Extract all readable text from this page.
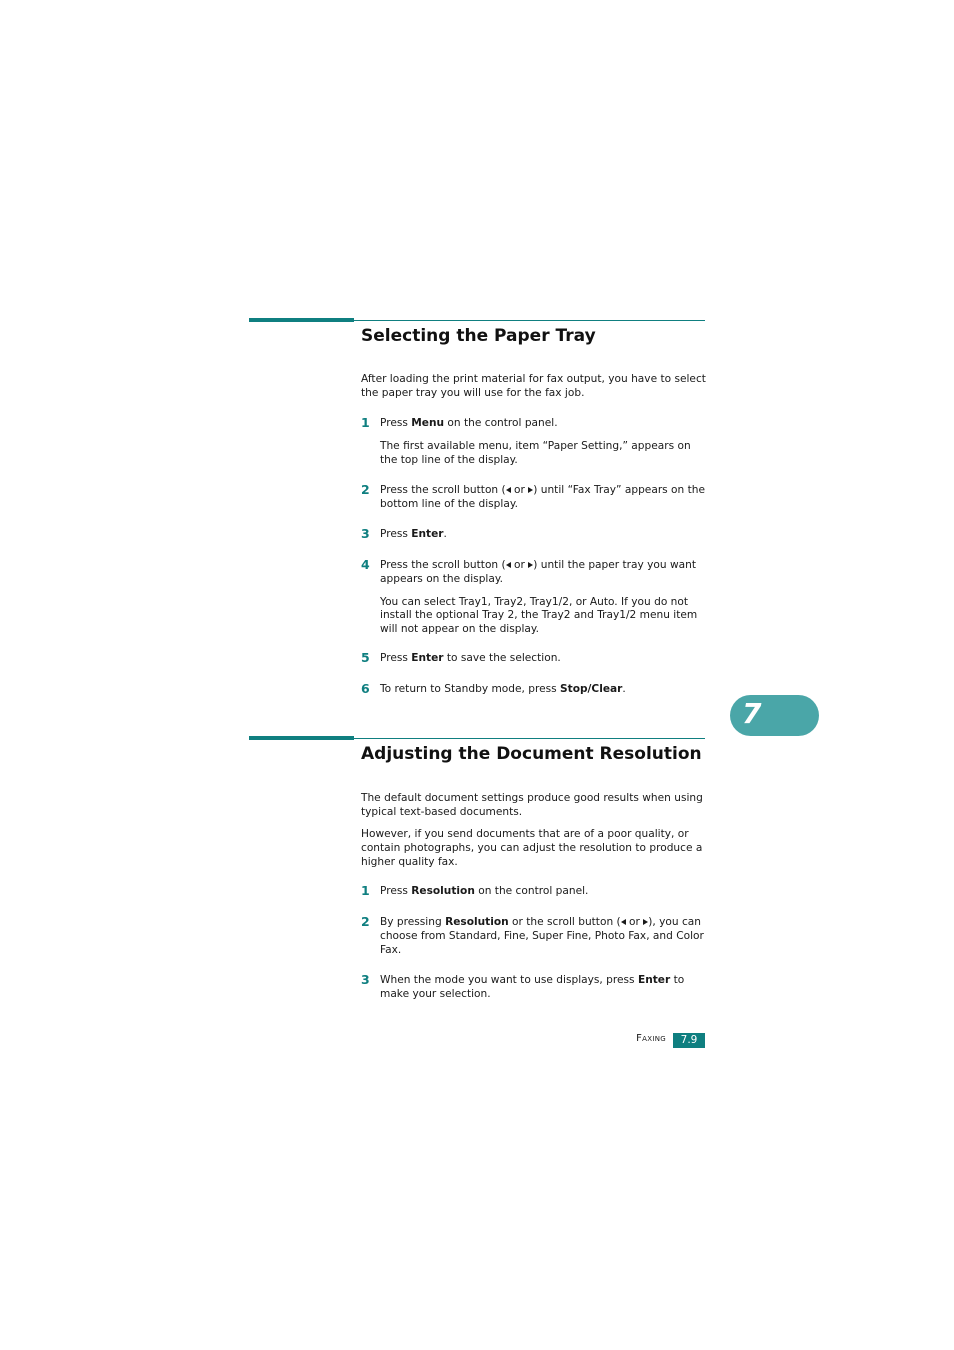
Selecting the Paper Tray

After loading the print material for fax output, you have to select the paper tray you will use for the fax job.

1 Press Menu on the control panel.
The first available menu, item “Paper Setting,” appears on the top line of the display.
2 Press the scroll button ( or ) until “Fax Tray” appears on the bottom line of the display.
3 Press Enter.
4 Press the scroll button ( or ) until the paper tray you want appears on the display.
You can select Tray1, Tray2, Tray1/2, or Auto. If you do not install the optional Tray 2, the Tray2 and Tray1/2 menu item will not appear on the display.
5 Press Enter to save the selection.
6 To return to Standby mode, press Stop/Clear.
7
Adjusting the Document Resolution

The default document settings produce good results when using typical text-based documents.

However, if you send documents that are of a poor quality, or contain photographs, you can adjust the resolution to produce a higher quality fax.

1 Press Resolution on the control panel.
2 By pressing Resolution or the scroll button ( or ), you can choose from Standard, Fine, Super Fine, Photo Fax, and Color Fax.
3 When the mode you want to use displays, press Enter to make your selection.
Faxing	7.9
